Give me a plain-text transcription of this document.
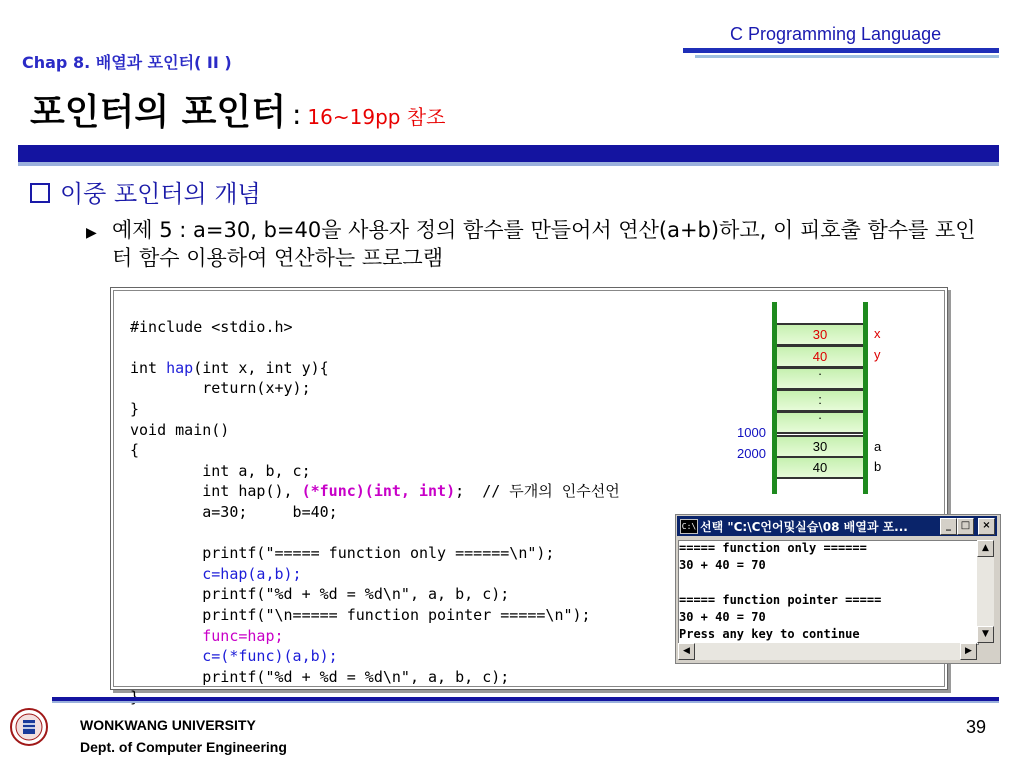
C Programming Language
Chap 8. 배열과 포인터( II )
포인터의 포인터 : 16~19pp 참조
이중 포인터의 개념
▶ 예제 5 : a=30, b=40을 사용자 정의 함수를 만들어서 연산(a+b)하고, 이 피호출 함수를 포인터 함수 이용하여 연산하는 프로그램

#include <stdio.h>
int hap(int x, int y){
return(x+y);
}
void main()
{
int a, b, c;
int hap(), (*func)(int, int);  // 두개의 인수선언
a=30;     b=40;
printf("===== function only ======\n");
c=hap(a,b);
printf("%d + %d = %d\n", a, b, c);
printf("\n===== function pointer =====\n");
func=hap;
c=(*func)(a,b);
printf("%d + %d = %d\n", a, b, c);
30
40
.
:
.
30
40
x
y
a
b
1000
2000
C:\ 선택 "C:\C언어및실습\08 배열과 포...	_ □	×
===== function only ======
30 + 40 = 70
===== function pointer =====
30 + 40 = 70
Press any key to continue
▲
▼
◀	▶
WONKWANG UNIVERSITY
Dept. of Computer Engineering
39
